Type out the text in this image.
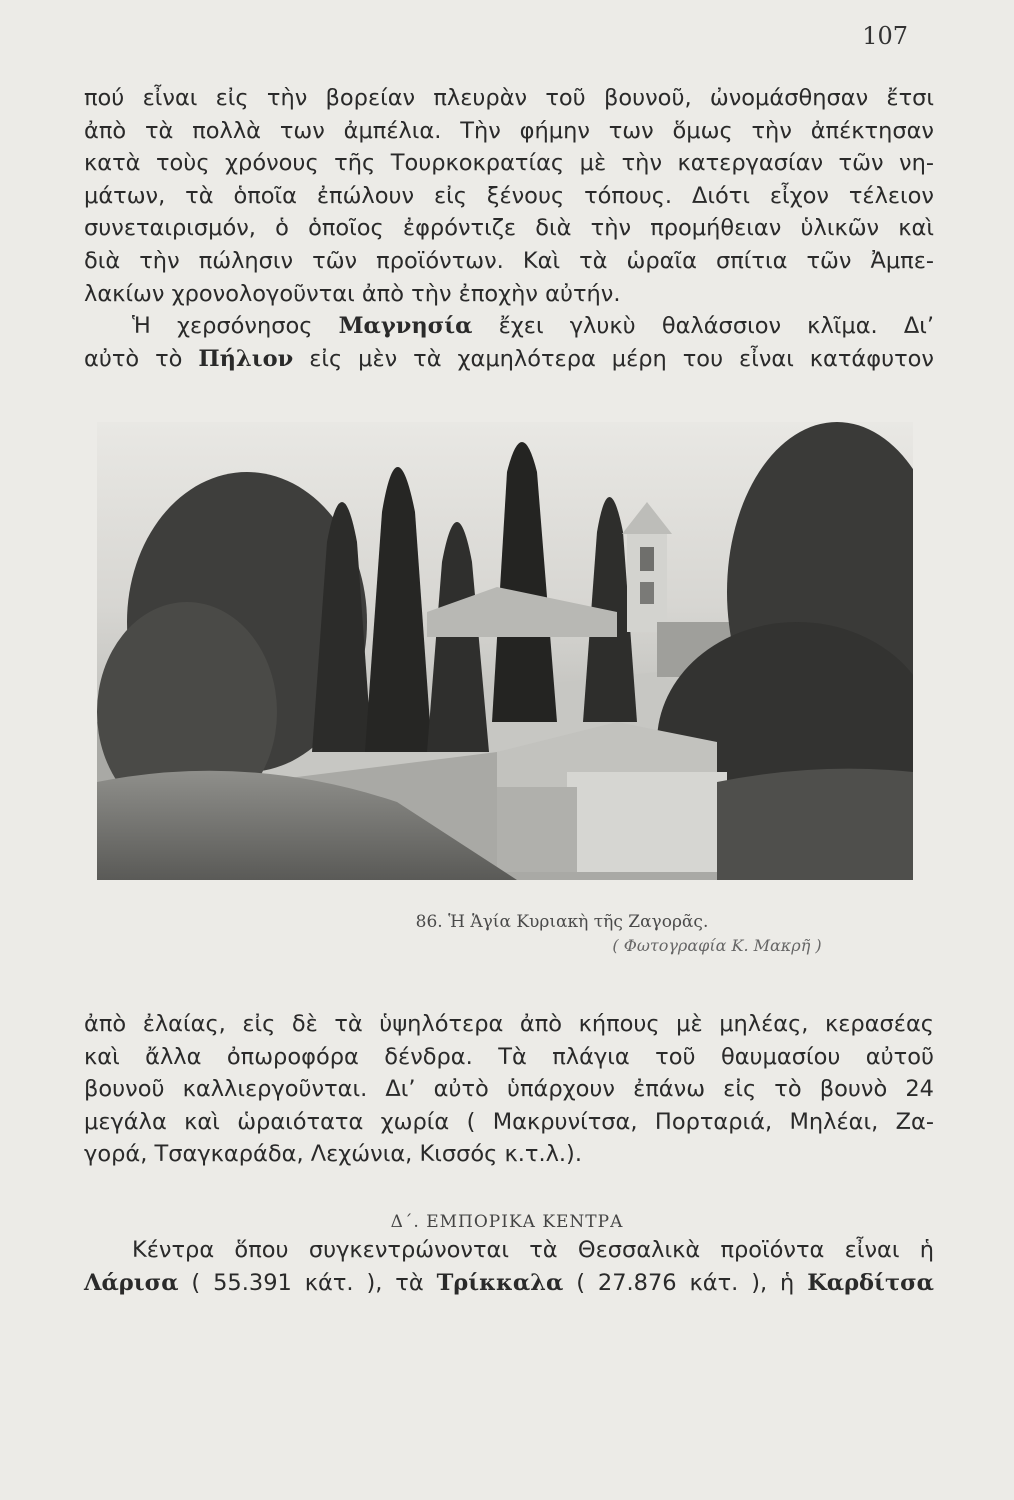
107
πού εἶναι εἰς τὴν βορείαν πλευρὰν τοῦ βουνοῦ, ὠνομάσθησαν ἔτσι
ἀπὸ τὰ πολλὰ των ἀμπέλια. Τὴν φήμην των ὅμως τὴν ἀπέκτησαν
κατὰ τοὺς χρόνους τῆς Τουρκοκρατίας μὲ τὴν κατεργασίαν τῶν νη-
μάτων, τὰ ὁποῖα ἐπώλουν εἰς ξένους τόπους. Διότι εἶχον τέλειον
συνεταιρισμόν, ὁ ὁποῖος ἐφρόντιζε διὰ τὴν προμήθειαν ὑλικῶν καὶ
διὰ τὴν πώλησιν τῶν προϊόντων. Καὶ τὰ ὡραῖα σπίτια τῶν Ἀμπε-
λακίων χρονολογοῦνται ἀπὸ τὴν ἐποχὴν αὐτήν.
Ἡ χερσόνησος Μαγνησία ἔχει γλυκὺ θαλάσσιον κλῖμα. Δι’
αὐτὸ τὸ Πήλιον εἰς μὲν τὰ χαμηλότερα μέρη του εἶναι κατάφυτον
86. Ἡ Ἁγία Κυριακὴ τῆς Ζαγορᾶς.
( Φωτογραφία Κ. Μακρῆ )
ἀπὸ ἐλαίας, εἰς δὲ τὰ ὑψηλότερα ἀπὸ κήπους μὲ μηλέας, κερασέας
καὶ ἄλλα ὀπωροφόρα δένδρα. Τὰ πλάγια τοῦ θαυμασίου αὐτοῦ
βουνοῦ καλλιεργοῦνται. Δι’ αὐτὸ ὑπάρχουν ἐπάνω εἰς τὸ βουνὸ 24
μεγάλα καὶ ὡραιότατα χωρία ( Μακρυνίτσα, Πορταριά, Μηλέαι, Ζα-
γορά, Τσαγκαράδα, Λεχώνια, Κισσός κ.τ.λ.).
Δ΄. ΕΜΠΟΡΙΚΑ ΚΕΝΤΡΑ
Κέντρα ὅπου συγκεντρώνονται τὰ Θεσσαλικὰ προϊόντα εἶναι ἡ
Λάρισα ( 55.391 κάτ. ), τὰ Τρίκκαλα ( 27.876 κάτ. ), ἡ Καρδίτσα
